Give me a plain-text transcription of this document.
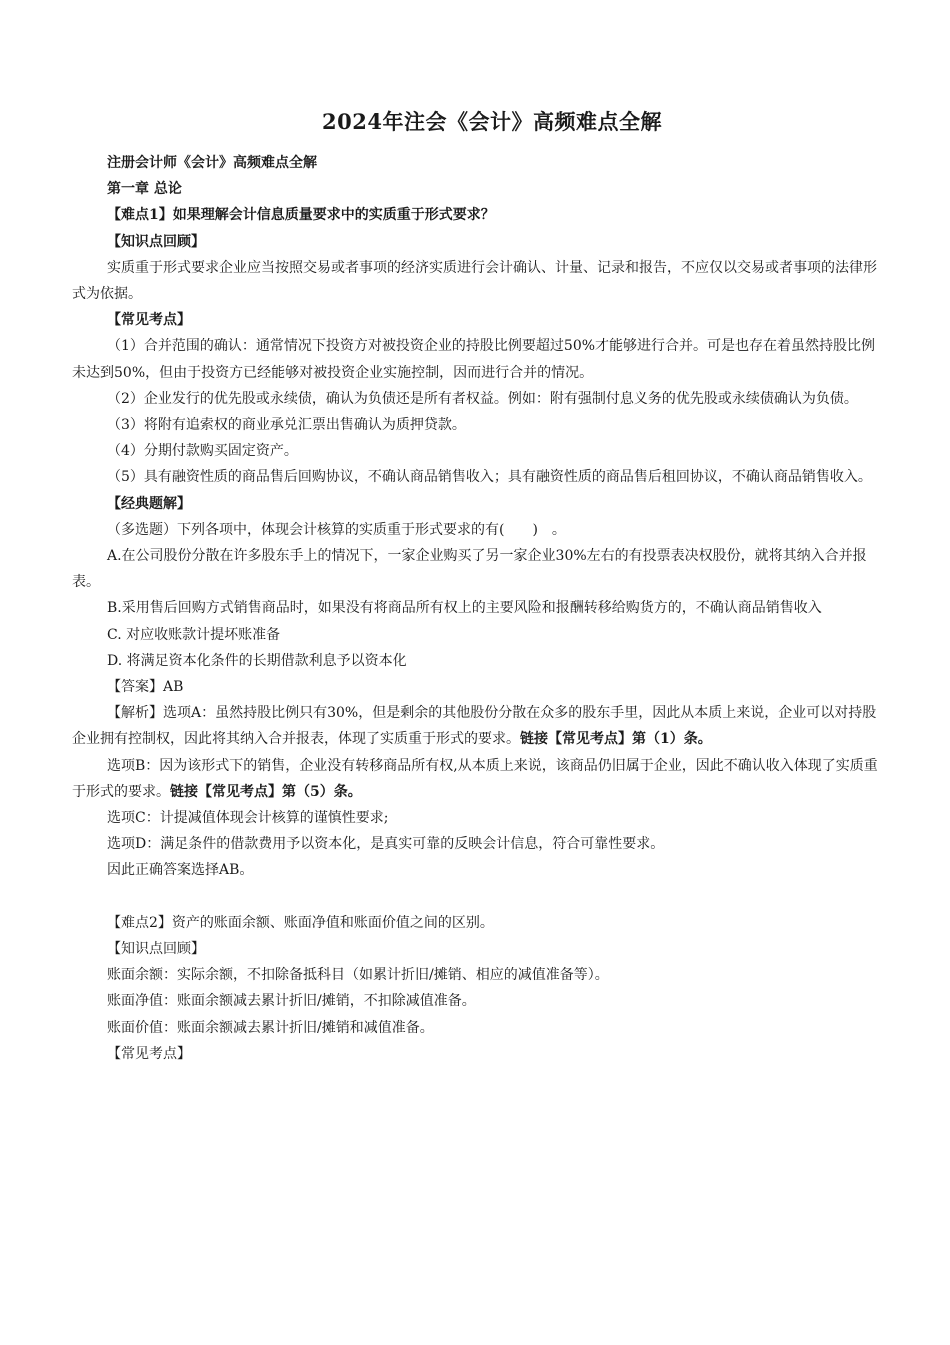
2024年注会《会计》高频难点全解

注册会计师《会计》高频难点全解

第一章 总论

【难点1】如果理解会计信息质量要求中的实质重于形式要求？

【知识点回顾】

实质重于形式要求企业应当按照交易或者事项的经济实质进行会计确认、计量、记录和报告，不应仅以交易或者事项的法律形式为依据。

【常见考点】

（1）合并范围的确认：通常情况下投资方对被投资企业的持股比例要超过50%才能够进行合并。可是也存在着虽然持股比例未达到50%，但由于投资方已经能够对被投资企业实施控制，因而进行合并的情况。

（2）企业发行的优先股或永续债，确认为负债还是所有者权益。例如：附有强制付息义务的优先股或永续债确认为负债。

（3）将附有追索权的商业承兑汇票出售确认为质押贷款。

（4）分期付款购买固定资产。

（5）具有融资性质的商品售后回购协议，不确认商品销售收入；具有融资性质的商品售后租回协议，不确认商品销售收入。

【经典题解】

（多选题）下列各项中，体现会计核算的实质重于形式要求的有(　　)　。

A.在公司股份分散在许多股东手上的情况下，一家企业购买了另一家企业30%左右的有投票表决权股份，就将其纳入合并报表。

B.采用售后回购方式销售商品时，如果没有将商品所有权上的主要风险和报酬转移给购货方的，不确认商品销售收入

C. 对应收账款计提坏账准备

D. 将满足资本化条件的长期借款利息予以资本化

【答案】AB

【解析】选项A：虽然持股比例只有30%，但是剩余的其他股份分散在众多的股东手里，因此从本质上来说，企业可以对持股企业拥有控制权，因此将其纳入合并报表，体现了实质重于形式的要求。链接【常见考点】第（1）条。

选项B：因为该形式下的销售，企业没有转移商品所有权,从本质上来说，该商品仍旧属于企业，因此不确认收入体现了实质重于形式的要求。链接【常见考点】第（5）条。

选项C：计提减值体现会计核算的谨慎性要求;

选项D：满足条件的借款费用予以资本化，是真实可靠的反映会计信息，符合可靠性要求。

因此正确答案选择AB。

【难点2】资产的账面余额、账面净值和账面价值之间的区别。

【知识点回顾】

账面余额：实际余额，不扣除备抵科目（如累计折旧/摊销、相应的减值准备等）。

账面净值：账面余额减去累计折旧/摊销，不扣除减值准备。

账面价值：账面余额减去累计折旧/摊销和减值准备。

【常见考点】
